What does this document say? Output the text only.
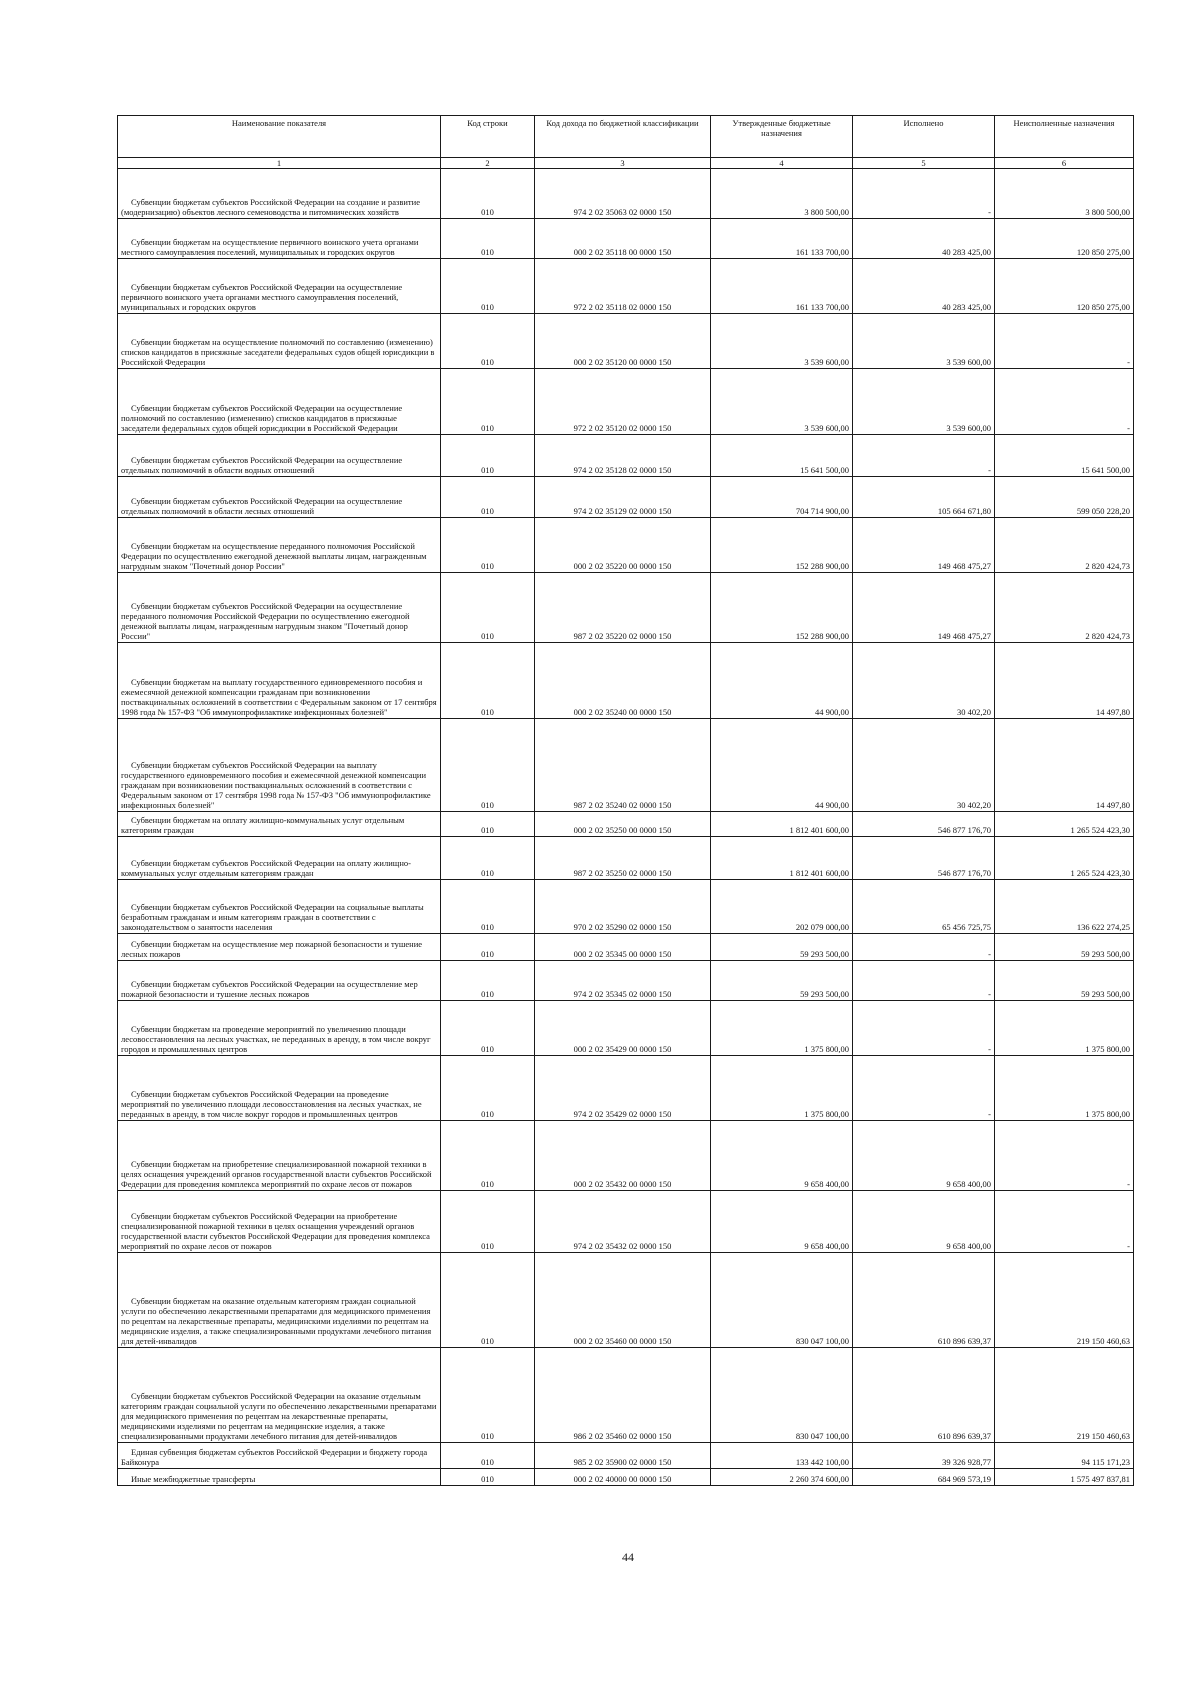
Наименование показателя	Код строки	Код дохода по бюджетной классификации	Утвержденные бюджетные назначения	Исполнено	Неисполненные назначения
1	2	3	4	5	6
Субвенции бюджетам субъектов Российской Федерации на создание и развитие (модернизацию) объектов лесного семеноводства и питомнических хозяйств	010	974 2 02 35063 02 0000 150	3 800 500,00	-	3 800 500,00
Субвенции бюджетам на осуществление первичного воинского учета органами местного самоуправления поселений, муниципальных и городских округов	010	000 2 02 35118 00 0000 150	161 133 700,00	40 283 425,00	120 850 275,00
Субвенции бюджетам субъектов Российской Федерации на осуществление первичного воинского учета органами местного самоуправления поселений, муниципальных и городских округов	010	972 2 02 35118 02 0000 150	161 133 700,00	40 283 425,00	120 850 275,00
Субвенции бюджетам на осуществление полномочий по составлению (изменению) списков кандидатов в присяжные заседатели федеральных судов общей юрисдикции в Российской Федерации	010	000 2 02 35120 00 0000 150	3 539 600,00	3 539 600,00	-
Субвенции бюджетам субъектов Российской Федерации на осуществление полномочий по составлению (изменению) списков кандидатов в присяжные заседатели федеральных судов общей юрисдикции в Российской Федерации	010	972 2 02 35120 02 0000 150	3 539 600,00	3 539 600,00	-
Субвенции бюджетам субъектов Российской Федерации на осуществление отдельных полномочий в области водных отношений	010	974 2 02 35128 02 0000 150	15 641 500,00	-	15 641 500,00
Субвенции бюджетам субъектов Российской Федерации на осуществление отдельных полномочий в области лесных отношений	010	974 2 02 35129 02 0000 150	704 714 900,00	105 664 671,80	599 050 228,20
Субвенции бюджетам на осуществление переданного полномочия Российской Федерации по осуществлению ежегодной денежной выплаты лицам, награжденным нагрудным знаком "Почетный донор России"	010	000 2 02 35220 00 0000 150	152 288 900,00	149 468 475,27	2 820 424,73
Субвенции бюджетам субъектов Российской Федерации на осуществление переданного полномочия Российской Федерации по осуществлению ежегодной денежной выплаты лицам, награжденным нагрудным знаком "Почетный донор России"	010	987 2 02 35220 02 0000 150	152 288 900,00	149 468 475,27	2 820 424,73
Субвенции бюджетам на выплату государственного единовременного пособия и ежемесячной денежной компенсации гражданам при возникновении поствакцинальных осложнений в соответствии с Федеральным законом от 17 сентября 1998 года № 157-ФЗ "Об иммунопрофилактике инфекционных болезней"	010	000 2 02 35240 00 0000 150	44 900,00	30 402,20	14 497,80
Субвенции бюджетам субъектов Российской Федерации на выплату государственного единовременного пособия и ежемесячной денежной компенсации гражданам при возникновении поствакцинальных осложнений в соответствии с Федеральным законом от 17 сентября 1998 года № 157-ФЗ "Об иммунопрофилактике инфекционных болезней"	010	987 2 02 35240 02 0000 150	44 900,00	30 402,20	14 497,80
Субвенции бюджетам на оплату жилищно-коммунальных услуг отдельным категориям граждан	010	000 2 02 35250 00 0000 150	1 812 401 600,00	546 877 176,70	1 265 524 423,30
Субвенции бюджетам субъектов Российской Федерации на оплату жилищно-коммунальных услуг отдельным категориям граждан	010	987 2 02 35250 02 0000 150	1 812 401 600,00	546 877 176,70	1 265 524 423,30
Субвенции бюджетам субъектов Российской Федерации на социальные выплаты безработным гражданам и иным категориям граждан в соответствии с законодательством о занятости населения	010	970 2 02 35290 02 0000 150	202 079 000,00	65 456 725,75	136 622 274,25
Субвенции бюджетам на осуществление мер пожарной безопасности и тушение лесных пожаров	010	000 2 02 35345 00 0000 150	59 293 500,00	-	59 293 500,00
Субвенции бюджетам субъектов Российской Федерации на осуществление мер пожарной безопасности и тушение лесных пожаров	010	974 2 02 35345 02 0000 150	59 293 500,00	-	59 293 500,00
Субвенции бюджетам на проведение мероприятий по увеличению площади лесовосстановления на лесных участках, не переданных в аренду, в том числе вокруг городов и промышленных центров	010	000 2 02 35429 00 0000 150	1 375 800,00	-	1 375 800,00
Субвенции бюджетам субъектов Российской Федерации на проведение мероприятий по увеличению площади лесовосстановления на лесных участках, не переданных в аренду, в том числе вокруг городов и промышленных центров	010	974 2 02 35429 02 0000 150	1 375 800,00	-	1 375 800,00
Субвенции бюджетам на приобретение специализированной пожарной техники в целях оснащения учреждений органов государственной власти субъектов Российской Федерации для проведения комплекса мероприятий по охране лесов от пожаров	010	000 2 02 35432 00 0000 150	9 658 400,00	9 658 400,00	-
Субвенции бюджетам субъектов Российской Федерации на приобретение специализированной пожарной техники в целях оснащения учреждений органов государственной власти субъектов Российской Федерации для проведения комплекса мероприятий по охране лесов от пожаров	010	974 2 02 35432 02 0000 150	9 658 400,00	9 658 400,00	-
Субвенции бюджетам на оказание отдельным категориям граждан социальной услуги по обеспечению лекарственными препаратами для медицинского применения по рецептам на лекарственные препараты, медицинскими изделиями по рецептам на медицинские изделия, а также специализированными продуктами лечебного питания для детей-инвалидов	010	000 2 02 35460 00 0000 150	830 047 100,00	610 896 639,37	219 150 460,63
Субвенции бюджетам субъектов Российской Федерации на оказание отдельным категориям граждан социальной услуги по обеспечению лекарственными препаратами для медицинского применения по рецептам на лекарственные препараты, медицинскими изделиями по рецептам на медицинские изделия, а также специализированными продуктами лечебного питания для детей-инвалидов	010	986 2 02 35460 02 0000 150	830 047 100,00	610 896 639,37	219 150 460,63
Единая субвенция бюджетам субъектов Российской Федерации и бюджету города Байконура	010	985 2 02 35900 02 0000 150	133 442 100,00	39 326 928,77	94 115 171,23
Иные межбюджетные трансферты	010	000 2 02 40000 00 0000 150	2 260 374 600,00	684 969 573,19	1 575 497 837,81
44
